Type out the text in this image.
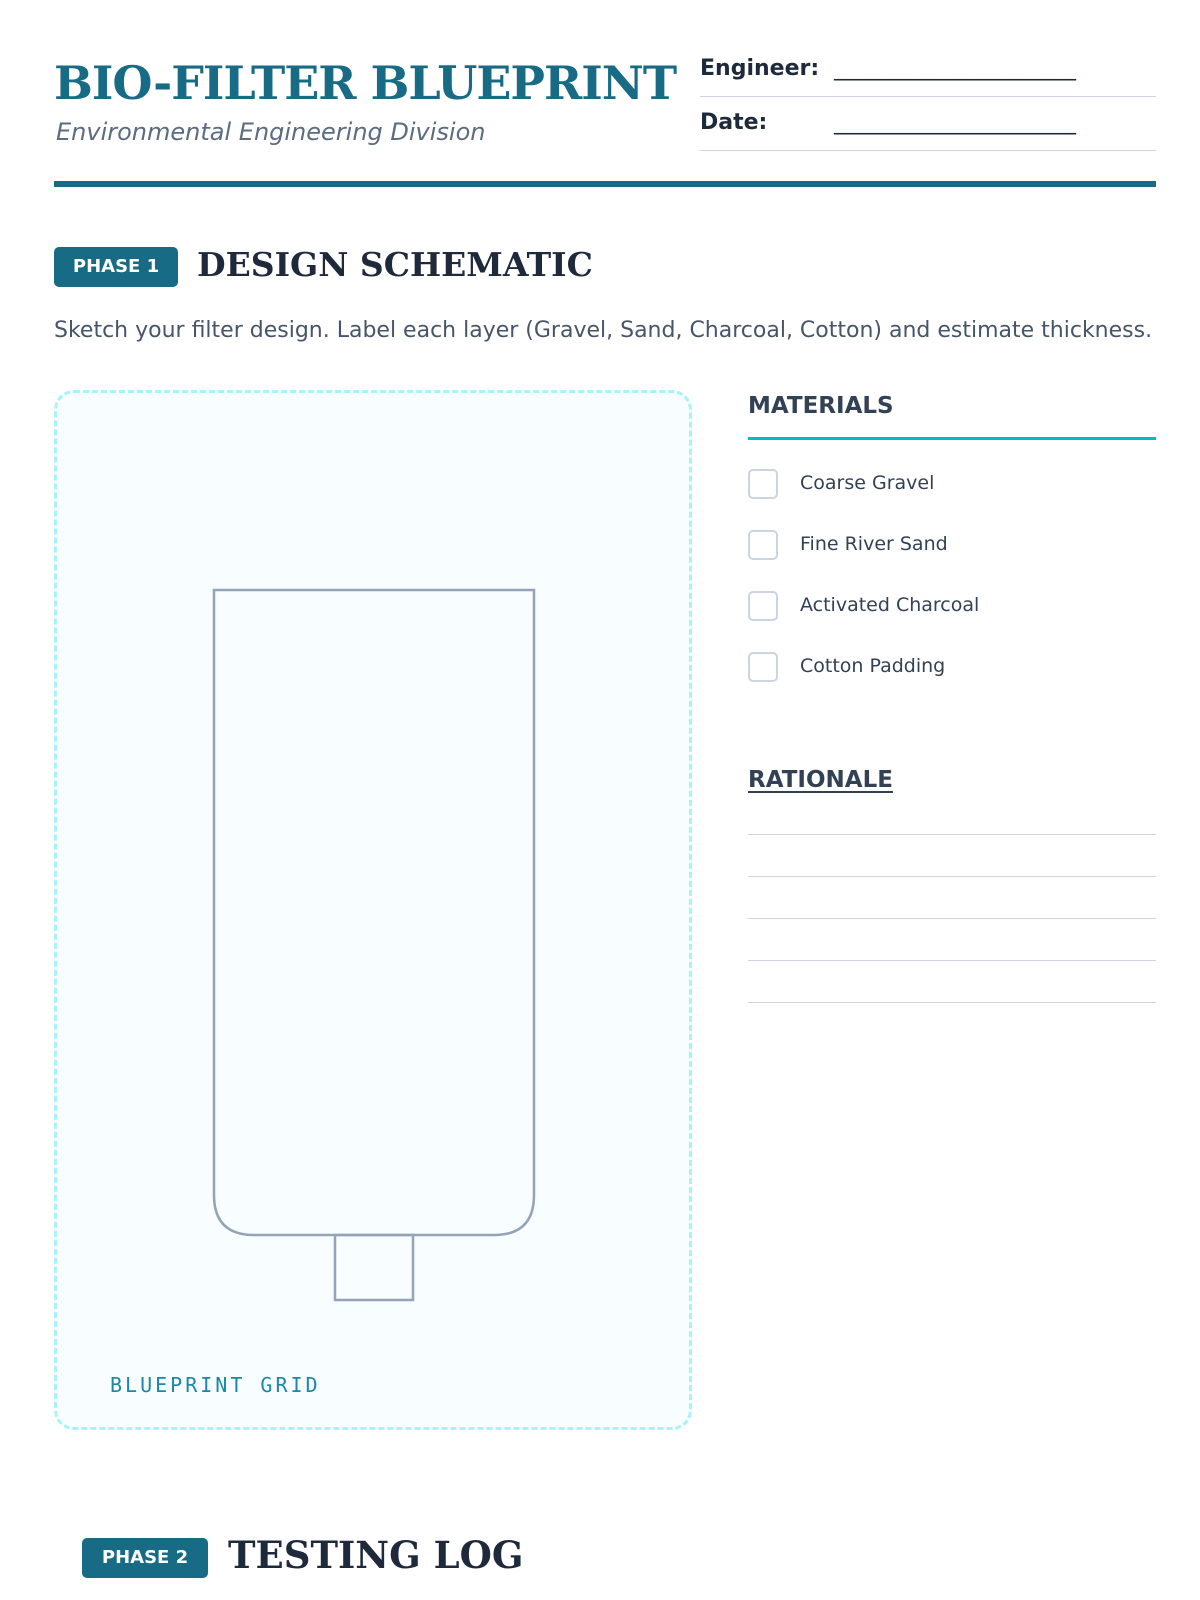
BIO-FILTER BLUEPRINT
Environmental Engineering Division
Engineer: ______________________
Date:	______________________
PHASE 1	DESIGN SCHEMATIC
Sketch your filter design. Label each layer (Gravel, Sand, Charcoal, Cotton) and estimate thickness.
BLUEPRINT GRID
MATERIALS
Coarse Gravel
Fine River Sand
Activated Charcoal
Cotton Padding
RATIONALE
PHASE 2	TESTING LOG
